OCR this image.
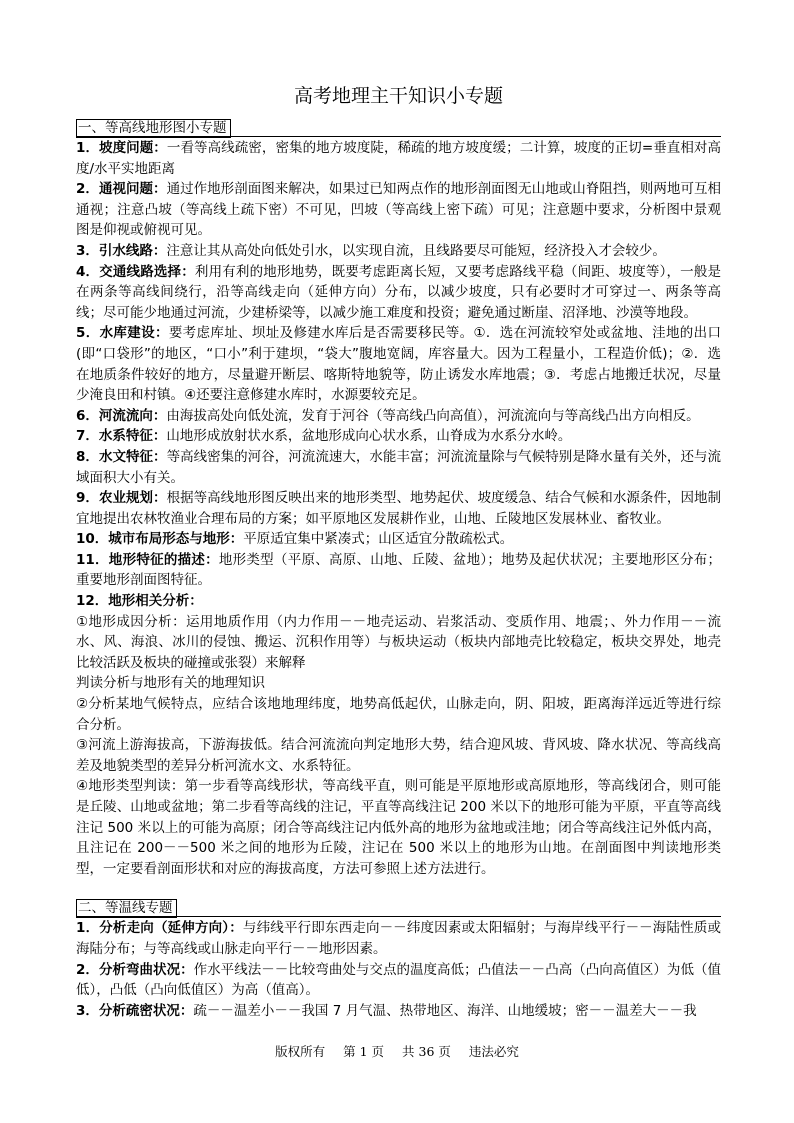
高考地理主干知识小专题
一、等高线地形图小专题

1．坡度问题：一看等高线疏密，密集的地方坡度陡，稀疏的地方坡度缓；二计算，坡度的正切=垂直相对高度/水平实地距离

2．通视问题：通过作地形剖面图来解决，如果过已知两点作的地形剖面图无山地或山脊阻挡，则两地可互相通视；注意凸坡（等高线上疏下密）不可见，凹坡（等高线上密下疏）可见；注意题中要求，分析图中景观图是仰视或俯视可见。

3．引水线路：注意让其从高处向低处引水，以实现自流，且线路要尽可能短，经济投入才会较少。

4．交通线路选择：利用有利的地形地势，既要考虑距离长短，又要考虑路线平稳（间距、坡度等），一般是在两条等高线间绕行，沿等高线走向（延伸方向）分布，以减少坡度，只有必要时才可穿过一、两条等高线；尽可能少地通过河流，少建桥梁等，以减少施工难度和投资；避免通过断崖、沼泽地、沙漠等地段。

5．水库建设：要考虑库址、坝址及修建水库后是否需要移民等。①．选在河流较窄处或盆地、洼地的出口(即“口袋形”的地区，“口小”利于建坝，“袋大”腹地宽阔，库容量大。因为工程量小，工程造价低)；②．选在地质条件较好的地方，尽量避开断层、喀斯特地貌等，防止诱发水库地震；③．考虑占地搬迁状况，尽量少淹良田和村镇。④还要注意修建水库时，水源要较充足。

6．河流流向：由海拔高处向低处流，发育于河谷（等高线凸向高值），河流流向与等高线凸出方向相反。

7．水系特征：山地形成放射状水系，盆地形成向心状水系，山脊成为水系分水岭。

8．水文特征：等高线密集的河谷，河流流速大，水能丰富；河流流量除与气候特别是降水量有关外，还与流域面积大小有关。

9．农业规划：根据等高线地形图反映出来的地形类型、地势起伏、坡度缓急、结合气候和水源条件，因地制宜地提出农林牧渔业合理布局的方案；如平原地区发展耕作业，山地、丘陵地区发展林业、畜牧业。

10．城市布局形态与地形：平原适宜集中紧凑式；山区适宜分散疏松式。

11．地形特征的描述：地形类型（平原、高原、山地、丘陵、盆地）；地势及起伏状况；主要地形区分布；重要地形剖面图特征。

12．地形相关分析：

①地形成因分析：运用地质作用（内力作用－－地壳运动、岩浆活动、变质作用、地震；、外力作用－－流水、风、海浪、冰川的侵蚀、搬运、沉积作用等）与板块运动（板块内部地壳比较稳定，板块交界处，地壳比较活跃及板块的碰撞或张裂）来解释

判读分析与地形有关的地理知识

②分析某地气候特点，应结合该地地理纬度，地势高低起伏，山脉走向，阴、阳坡，距离海洋远近等进行综合分析。

③河流上游海拔高，下游海拔低。结合河流流向判定地形大势，结合迎风坡、背风坡、降水状况、等高线高差及地貌类型的差异分析河流水文、水系特征。

④地形类型判读：第一步看等高线形状，等高线平直，则可能是平原地形或高原地形，等高线闭合，则可能是丘陵、山地或盆地；第二步看等高线的注记，平直等高线注记 200 米以下的地形可能为平原，平直等高线注记 500 米以上的可能为高原；闭合等高线注记内低外高的地形为盆地或洼地；闭合等高线注记外低内高，且注记在 200－－500 米之间的地形为丘陵，注记在 500 米以上的地形为山地。在剖面图中判读地形类型，一定要看剖面形状和对应的海拔高度，方法可参照上述方法进行。

二、等温线专题

1．分析走向（延伸方向）：与纬线平行即东西走向－－纬度因素或太阳辐射；与海岸线平行－－海陆性质或海陆分布；与等高线或山脉走向平行－－地形因素。

2．分析弯曲状况：作水平线法－－比较弯曲处与交点的温度高低；凸值法－－凸高（凸向高值区）为低（值低），凸低（凸向低值区）为高（值高）。

3．分析疏密状况：疏－－温差小－－我国 7 月气温、热带地区、海洋、山地缓坡；密－－温差大－－我

版权所有 第 1 页 共 36 页 违法必究
